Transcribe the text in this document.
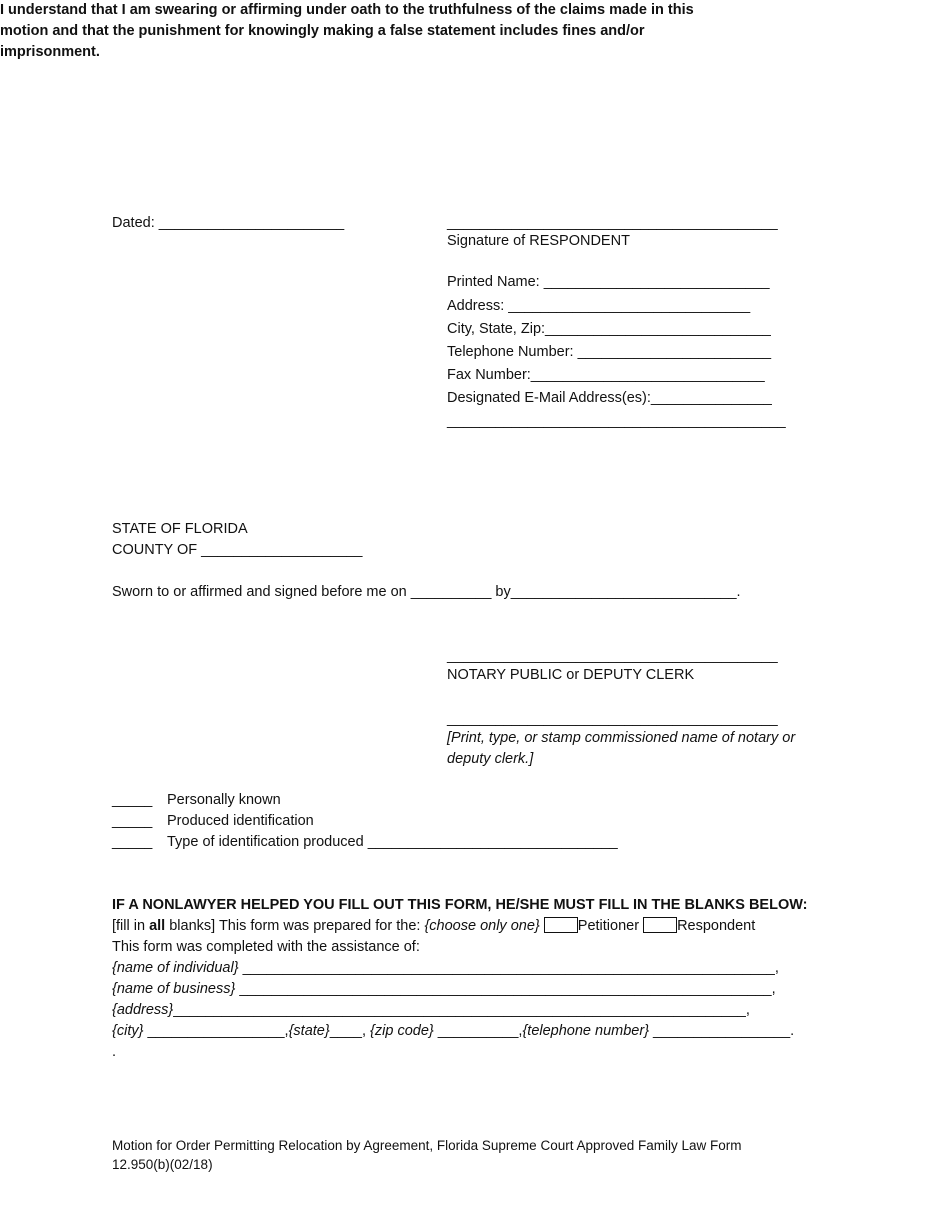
I understand that I am swearing or affirming under oath to the truthfulness of the claims made in this motion and that the punishment for knowingly making a false statement includes fines and/or imprisonment.
Dated: _______________________	_________________________________________
Signature of RESPONDENT
Printed Name: ____________________________
Address: ______________________________
City, State, Zip:____________________________
Telephone Number: ________________________
Fax Number:_____________________________
Designated E-Mail Address(es):_______________
__________________________________________
STATE OF FLORIDA
COUNTY OF ____________________
Sworn to or affirmed and signed before me on __________ by____________________________.
_________________________________________
NOTARY PUBLIC or DEPUTY CLERK
_________________________________________
[Print, type, or stamp commissioned name of notary or
deputy clerk.]
_____ Personally known
_____ Produced identification
_____ Type of identification produced _______________________________
IF A NONLAWYER HELPED YOU FILL OUT THIS FORM, HE/SHE MUST FILL IN THE BLANKS BELOW:
[fill in all blanks] This form was prepared for the: {choose only one}	Petitioner	Respondent
This form was completed with the assistance of:
{name of individual} __________________________________________________________________,
{name of business} __________________________________________________________________,
{address}_______________________________________________________________________,
{city} _________________,{state}____, {zip code} __________,{telephone number} _________________.
.
Motion for Order Permitting Relocation by Agreement, Florida Supreme Court Approved Family Law Form
12.950(b)(02/18)
